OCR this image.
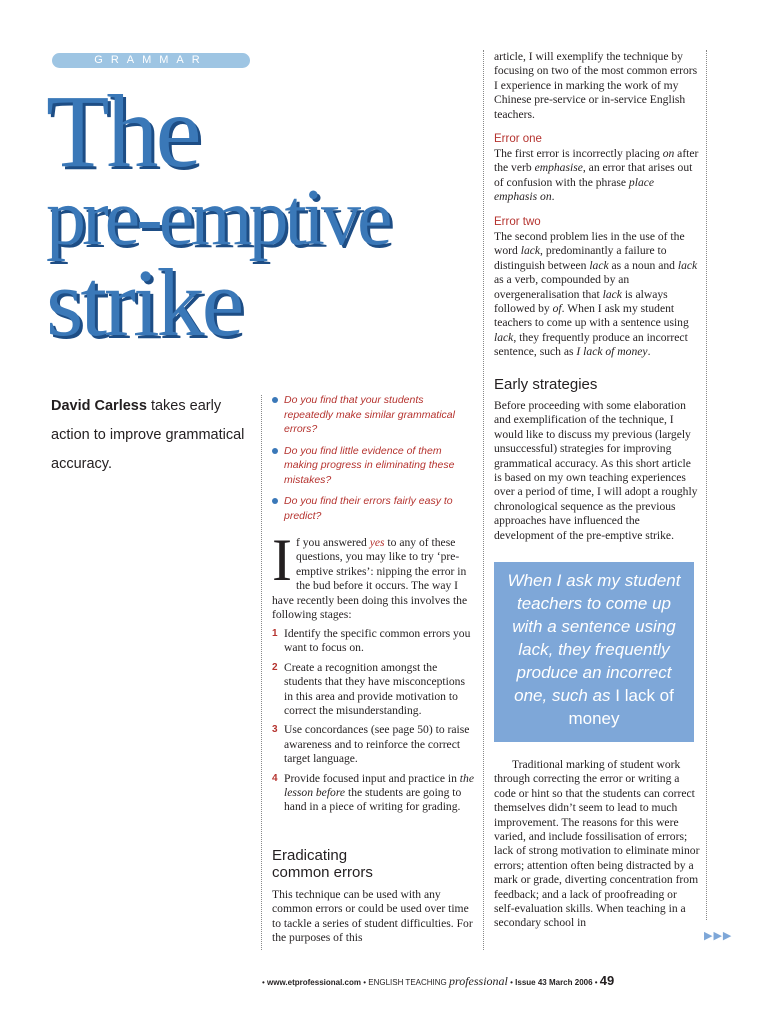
GRAMMAR
The
pre-emptive
strike
David Carless takes early action to improve grammatical accuracy.
Do you find that your students repeatedly make similar grammatical errors?
Do you find little evidence of them making progress in eliminating these mistakes?
Do you find their errors fairly easy to predict?
If you answered yes to any of these questions, you may like to try ‘pre-emptive strikes’: nipping the error in the bud before it occurs. The way I have recently been doing this involves the following stages:
1 Identify the specific common errors you want to focus on.
2 Create a recognition amongst the students that they have misconceptions in this area and provide motivation to correct the misunderstanding.
3 Use concordances (see page 50) to raise awareness and to reinforce the correct target language.
4 Provide focused input and practice in the lesson before the students are going to hand in a piece of writing for grading.
Eradicating
common errors
This technique can be used with any common errors or could be used over time to tackle a series of student difficulties. For the purposes of this
article, I will exemplify the technique by focusing on two of the most common errors I experience in marking the work of my Chinese pre-service or in-service English teachers.
Error one
The first error is incorrectly placing on after the verb emphasise, an error that arises out of confusion with the phrase place emphasis on.
Error two
The second problem lies in the use of the word lack, predominantly a failure to distinguish between lack as a noun and lack as a verb, compounded by an overgeneralisation that lack is always followed by of. When I ask my student teachers to come up with a sentence using lack, they frequently produce an incorrect sentence, such as I lack of money.
Early strategies
Before proceeding with some elaboration and exemplification of the technique, I would like to discuss my previous (largely unsuccessful) strategies for improving grammatical accuracy. As this short article is based on my own teaching experiences over a period of time, I will adopt a roughly chronological sequence as the previous approaches have influenced the development of the pre-emptive strike.
When I ask my student teachers to come up with a sentence using lack, they frequently produce an incorrect one, such as I lack of money
Traditional marking of student work through correcting the error or writing a code or hint so that the students can correct themselves didn’t seem to lead to much improvement. The reasons for this were varied, and include fossilisation of errors; lack of strong motivation to eliminate minor errors; attention often being distracted by a mark or grade, diverting concentration from feedback; and a lack of proofreading or self-evaluation skills. When teaching in a secondary school in
▶▶▶
• www.etprofessional.com • ENGLISH TEACHING professional • Issue 43 March 2006 • 49
